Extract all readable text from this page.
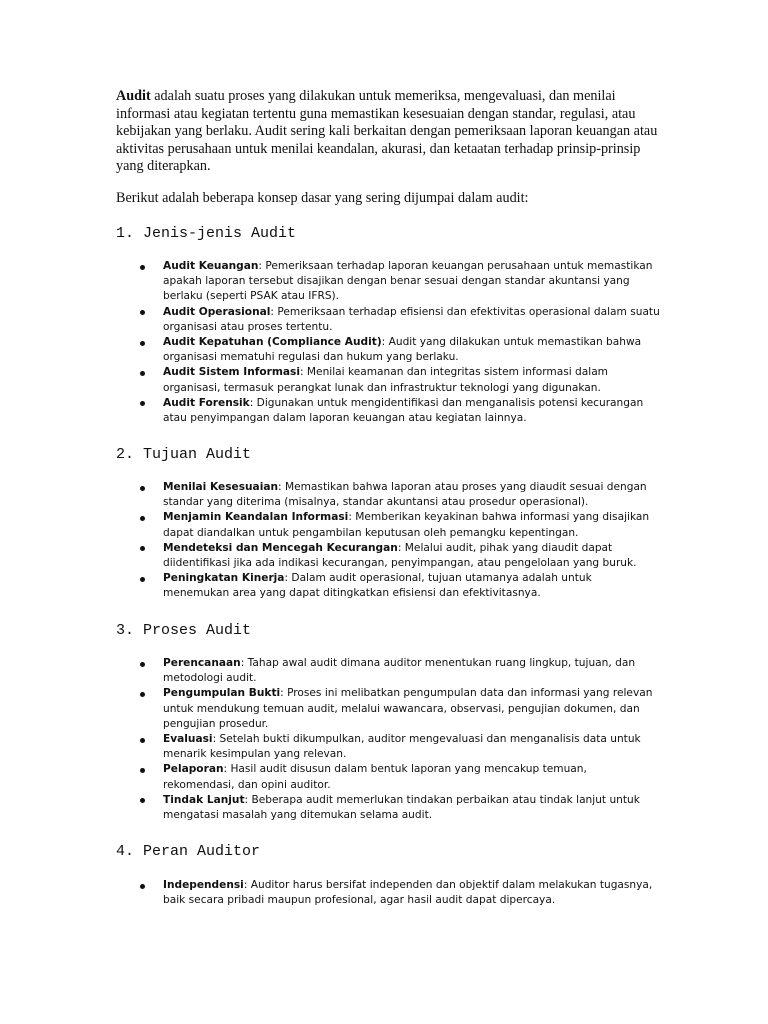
Audit adalah suatu proses yang dilakukan untuk memeriksa, mengevaluasi, dan menilai informasi atau kegiatan tertentu guna memastikan kesesuaian dengan standar, regulasi, atau kebijakan yang berlaku. Audit sering kali berkaitan dengan pemeriksaan laporan keuangan atau aktivitas perusahaan untuk menilai keandalan, akurasi, dan ketaatan terhadap prinsip-prinsip yang diterapkan.

Berikut adalah beberapa konsep dasar yang sering dijumpai dalam audit:

1. Jenis-jenis Audit
Audit Keuangan: Pemeriksaan terhadap laporan keuangan perusahaan untuk memastikan apakah laporan tersebut disajikan dengan benar sesuai dengan standar akuntansi yang berlaku (seperti PSAK atau IFRS).
Audit Operasional: Pemeriksaan terhadap efisiensi dan efektivitas operasional dalam suatu organisasi atau proses tertentu.
Audit Kepatuhan (Compliance Audit): Audit yang dilakukan untuk memastikan bahwa organisasi mematuhi regulasi dan hukum yang berlaku.
Audit Sistem Informasi: Menilai keamanan dan integritas sistem informasi dalam organisasi, termasuk perangkat lunak dan infrastruktur teknologi yang digunakan.
Audit Forensik: Digunakan untuk mengidentifikasi dan menganalisis potensi kecurangan atau penyimpangan dalam laporan keuangan atau kegiatan lainnya.
2. Tujuan Audit
Menilai Kesesuaian: Memastikan bahwa laporan atau proses yang diaudit sesuai dengan standar yang diterima (misalnya, standar akuntansi atau prosedur operasional).
Menjamin Keandalan Informasi: Memberikan keyakinan bahwa informasi yang disajikan dapat diandalkan untuk pengambilan keputusan oleh pemangku kepentingan.
Mendeteksi dan Mencegah Kecurangan: Melalui audit, pihak yang diaudit dapat diidentifikasi jika ada indikasi kecurangan, penyimpangan, atau pengelolaan yang buruk.
Peningkatan Kinerja: Dalam audit operasional, tujuan utamanya adalah untuk menemukan area yang dapat ditingkatkan efisiensi dan efektivitasnya.
3. Proses Audit
Perencanaan: Tahap awal audit dimana auditor menentukan ruang lingkup, tujuan, dan metodologi audit.
Pengumpulan Bukti: Proses ini melibatkan pengumpulan data dan informasi yang relevan untuk mendukung temuan audit, melalui wawancara, observasi, pengujian dokumen, dan pengujian prosedur.
Evaluasi: Setelah bukti dikumpulkan, auditor mengevaluasi dan menganalisis data untuk menarik kesimpulan yang relevan.
Pelaporan: Hasil audit disusun dalam bentuk laporan yang mencakup temuan, rekomendasi, dan opini auditor.
Tindak Lanjut: Beberapa audit memerlukan tindakan perbaikan atau tindak lanjut untuk mengatasi masalah yang ditemukan selama audit.
4. Peran Auditor
Independensi: Auditor harus bersifat independen dan objektif dalam melakukan tugasnya, baik secara pribadi maupun profesional, agar hasil audit dapat dipercaya.
